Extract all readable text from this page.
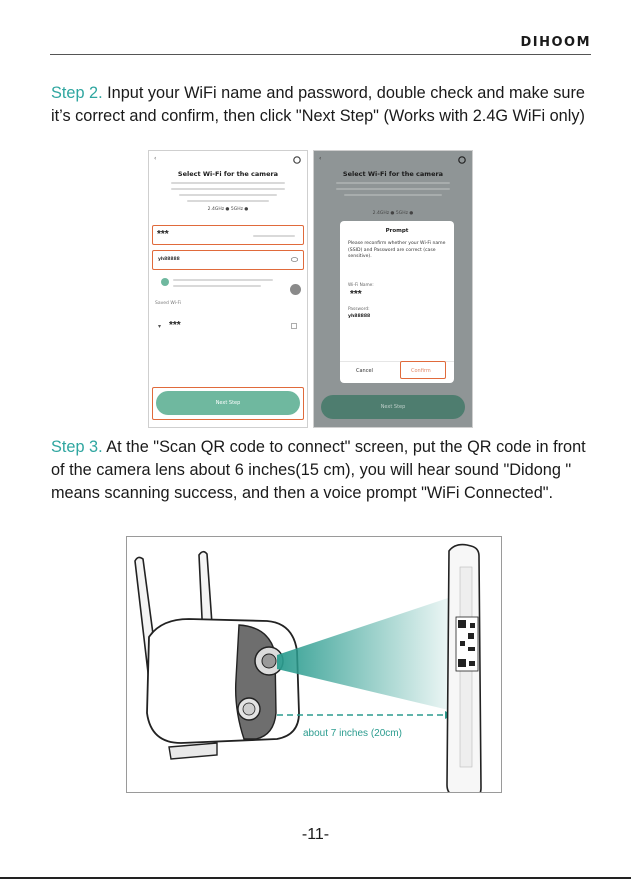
DIHOOM

Step 2. Input your WiFi name and password, double check and make sure it’s correct and confirm, then click "Next Step" (Works with 2.4G WiFi only)

‹
Select Wi-Fi for the camera
2.4GHz ● 5GHz ●
***
yh88888
Saved Wi-Fi
▾ ***
Next Step
‹
Select Wi-Fi for the camera
2.4GHz ● 5GHz ●
Prompt
Please reconfirm whether your Wi-Fi name (SSID) and Password are correct (case sensitive).
Wi-Fi Name:
***
Password:
yh88888
Cancel	Confirm
Next Step

Step 3. At the "Scan QR code to connect" screen, put the QR code in front of the camera lens about 6 inches(15 cm), you will hear sound "Didong " means scanning success, and then a voice prompt "WiFi Connected".

about 7 inches (20cm)
-11-
